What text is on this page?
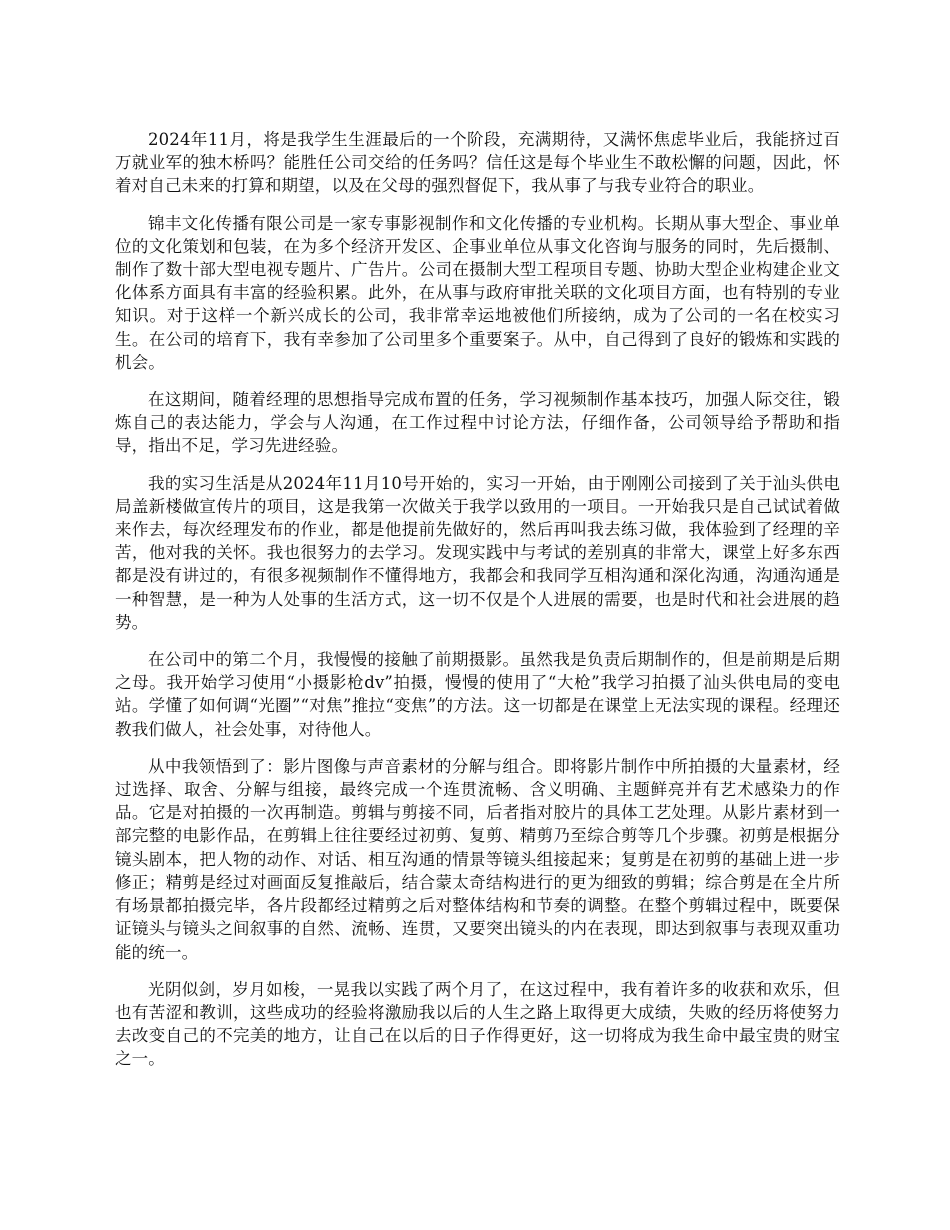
2024年11月，将是我学生生涯最后的一个阶段，充满期待，又满怀焦虑毕业后，我能挤过百万就业军的独木桥吗？能胜任公司交给的任务吗？信任这是每个毕业生不敢松懈的问题，因此，怀着对自己未来的打算和期望，以及在父母的强烈督促下，我从事了与我专业符合的职业。

锦丰文化传播有限公司是一家专事影视制作和文化传播的专业机构。长期从事大型企、事业单位的文化策划和包装，在为多个经济开发区、企事业单位从事文化咨询与服务的同时，先后摄制、制作了数十部大型电视专题片、广告片。公司在摄制大型工程项目专题、协助大型企业构建企业文化体系方面具有丰富的经验积累。此外，在从事与政府审批关联的文化项目方面，也有特别的专业知识。对于这样一个新兴成长的公司，我非常幸运地被他们所接纳，成为了公司的一名在校实习生。在公司的培育下，我有幸参加了公司里多个重要案子。从中，自己得到了良好的锻炼和实践的机会。

在这期间，随着经理的思想指导完成布置的任务，学习视频制作基本技巧，加强人际交往，锻炼自己的表达能力，学会与人沟通，在工作过程中讨论方法，仔细作备，公司领导给予帮助和指导，指出不足，学习先进经验。

我的实习生活是从2024年11月10号开始的，实习一开始，由于刚刚公司接到了关于汕头供电局盖新楼做宣传片的项目，这是我第一次做关于我学以致用的一项目。一开始我只是自己试试着做来作去，每次经理发布的作业，都是他提前先做好的，然后再叫我去练习做，我体验到了经理的辛苦，他对我的关怀。我也很努力的去学习。发现实践中与考试的差别真的非常大，课堂上好多东西都是没有讲过的，有很多视频制作不懂得地方，我都会和我同学互相沟通和深化沟通，沟通沟通是一种智慧，是一种为人处事的生活方式，这一切不仅是个人进展的需要，也是时代和社会进展的趋势。

在公司中的第二个月，我慢慢的接触了前期摄影。虽然我是负责后期制作的，但是前期是后期之母。我开始学习使用“小摄影枪dv”拍摄，慢慢的使用了“大枪”我学习拍摄了汕头供电局的变电站。学懂了如何调“光圈”“对焦”推拉“变焦”的方法。这一切都是在课堂上无法实现的课程。经理还教我们做人，社会处事，对待他人。

从中我领悟到了：影片图像与声音素材的分解与组合。即将影片制作中所拍摄的大量素材，经过选择、取舍、分解与组接，最终完成一个连贯流畅、含义明确、主题鲜亮并有艺术感染力的作品。它是对拍摄的一次再制造。剪辑与剪接不同，后者指对胶片的具体工艺处理。从影片素材到一部完整的电影作品，在剪辑上往往要经过初剪、复剪、精剪乃至综合剪等几个步骤。初剪是根据分镜头剧本，把人物的动作、对话、相互沟通的情景等镜头组接起来；复剪是在初剪的基础上进一步修正；精剪是经过对画面反复推敲后，结合蒙太奇结构进行的更为细致的剪辑；综合剪是在全片所有场景都拍摄完毕，各片段都经过精剪之后对整体结构和节奏的调整。在整个剪辑过程中，既要保证镜头与镜头之间叙事的自然、流畅、连贯，又要突出镜头的内在表现，即达到叙事与表现双重功能的统一。

光阴似剑，岁月如梭，一晃我以实践了两个月了，在这过程中，我有着许多的收获和欢乐，但也有苦涩和教训，这些成功的经验将激励我以后的人生之路上取得更大成绩，失败的经历将使努力去改变自己的不完美的地方，让自己在以后的日子作得更好，这一切将成为我生命中最宝贵的财宝之一。
